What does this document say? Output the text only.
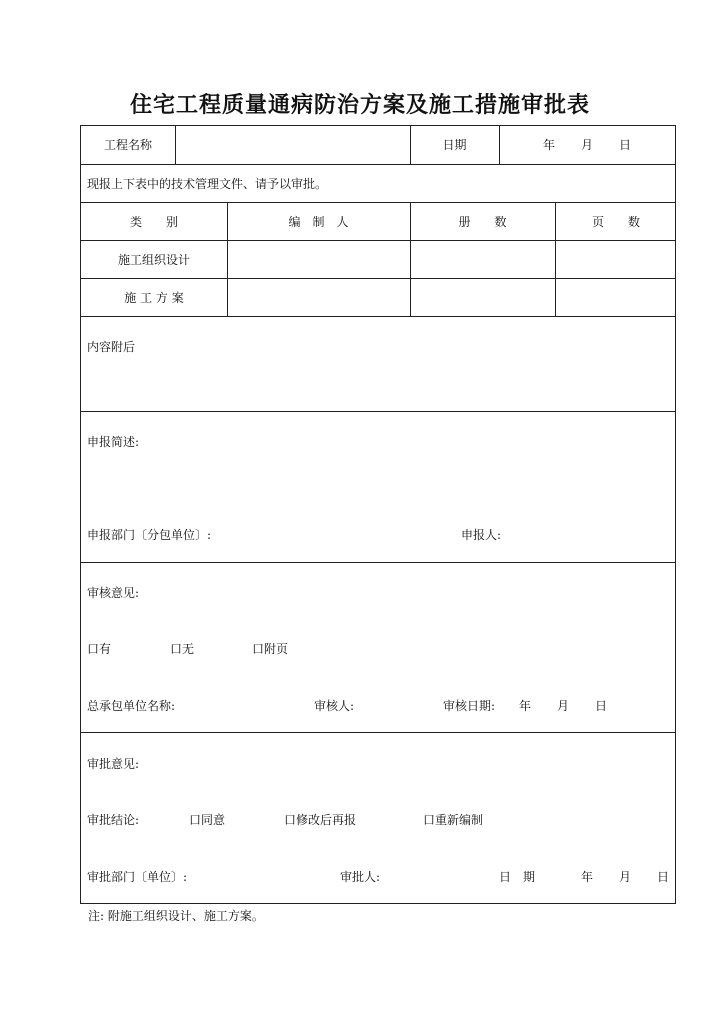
住宅工程质量通病防治方案及施工措施审批表
工程名称	日期	年 月 日
现报上下表中的技术管理文件、请予以审批。
类　　别	编　制　人	册　　数	页　　数
施工组织设计
施 工 方 案
内容附后
申报简述:
申报部门〔分包单位〕:	申报人:
审核意见:
口有	口无	口附页
总承包单位名称:	审核人:	审核日期: 年 月 日
审批意见:
审批结论:	口同意	口修改后再报	口重新编制
审批部门〔单位〕:	审批人:	日　期	年 月 日
注: 附施工组织设计、施工方案。
